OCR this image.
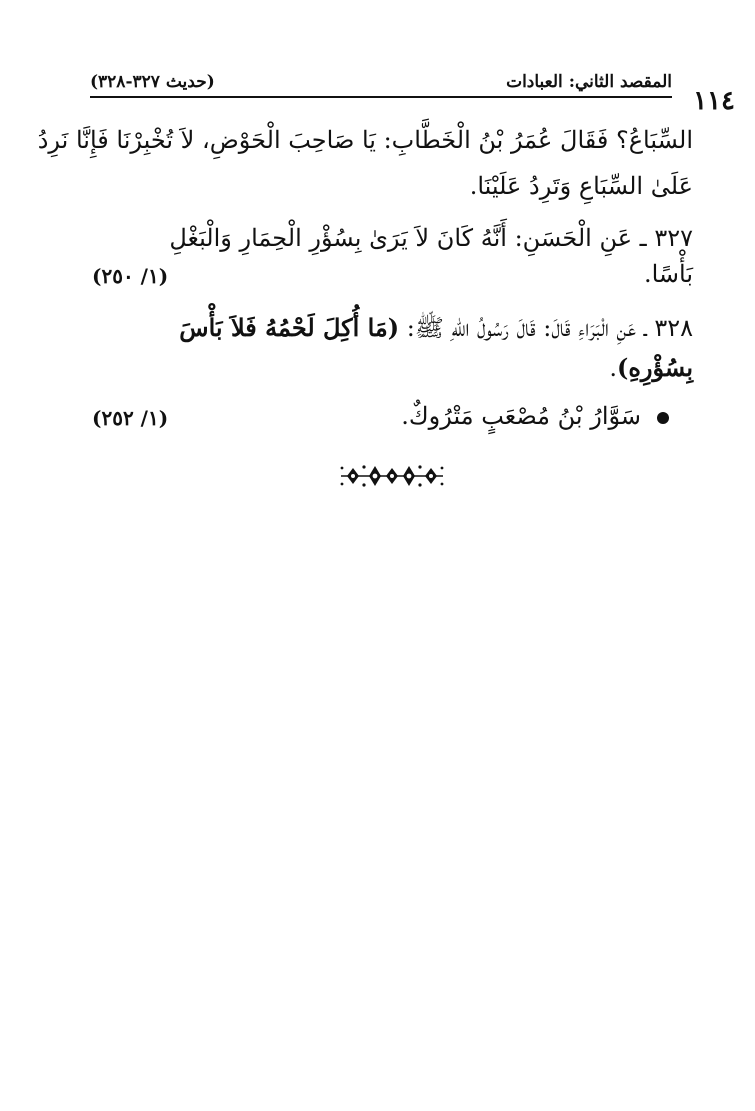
(حديث ٣٢٧-٣٢٨)	المقصد الثاني: العبادات
١١٤
السِّبَاعُ؟ فَقَالَ عُمَرُ بْنُ الْخَطَّابِ: يَا صَاحِبَ الْحَوْضِ، لاَ تُخْبِرْنَا فَإِنَّا نَرِدُ
عَلَىٰ السِّبَاعِ وَتَرِدُ عَلَيْنَا.
٣٢٧ ـ عَنِ الْحَسَنِ: أَنَّهُ كَانَ لاَ يَرَىٰ بِسُؤْرِ الْحِمَارِ وَالْبَغْلِ
بَأْسًا.
(١/ ٢٥٠)
٣٢٨ ـ عَنِ الْبَرَاءِ قَالَ: قَالَ رَسُولُ اللهِ ﷺ: (مَا أُكِلَ لَحْمُهُ فَلاَ بَأْسَ
بِسُؤْرِهِ).
سَوَّارُ بْنُ مُصْعَبٍ مَتْرُوكٌ.
(١/ ٢٥٢)
